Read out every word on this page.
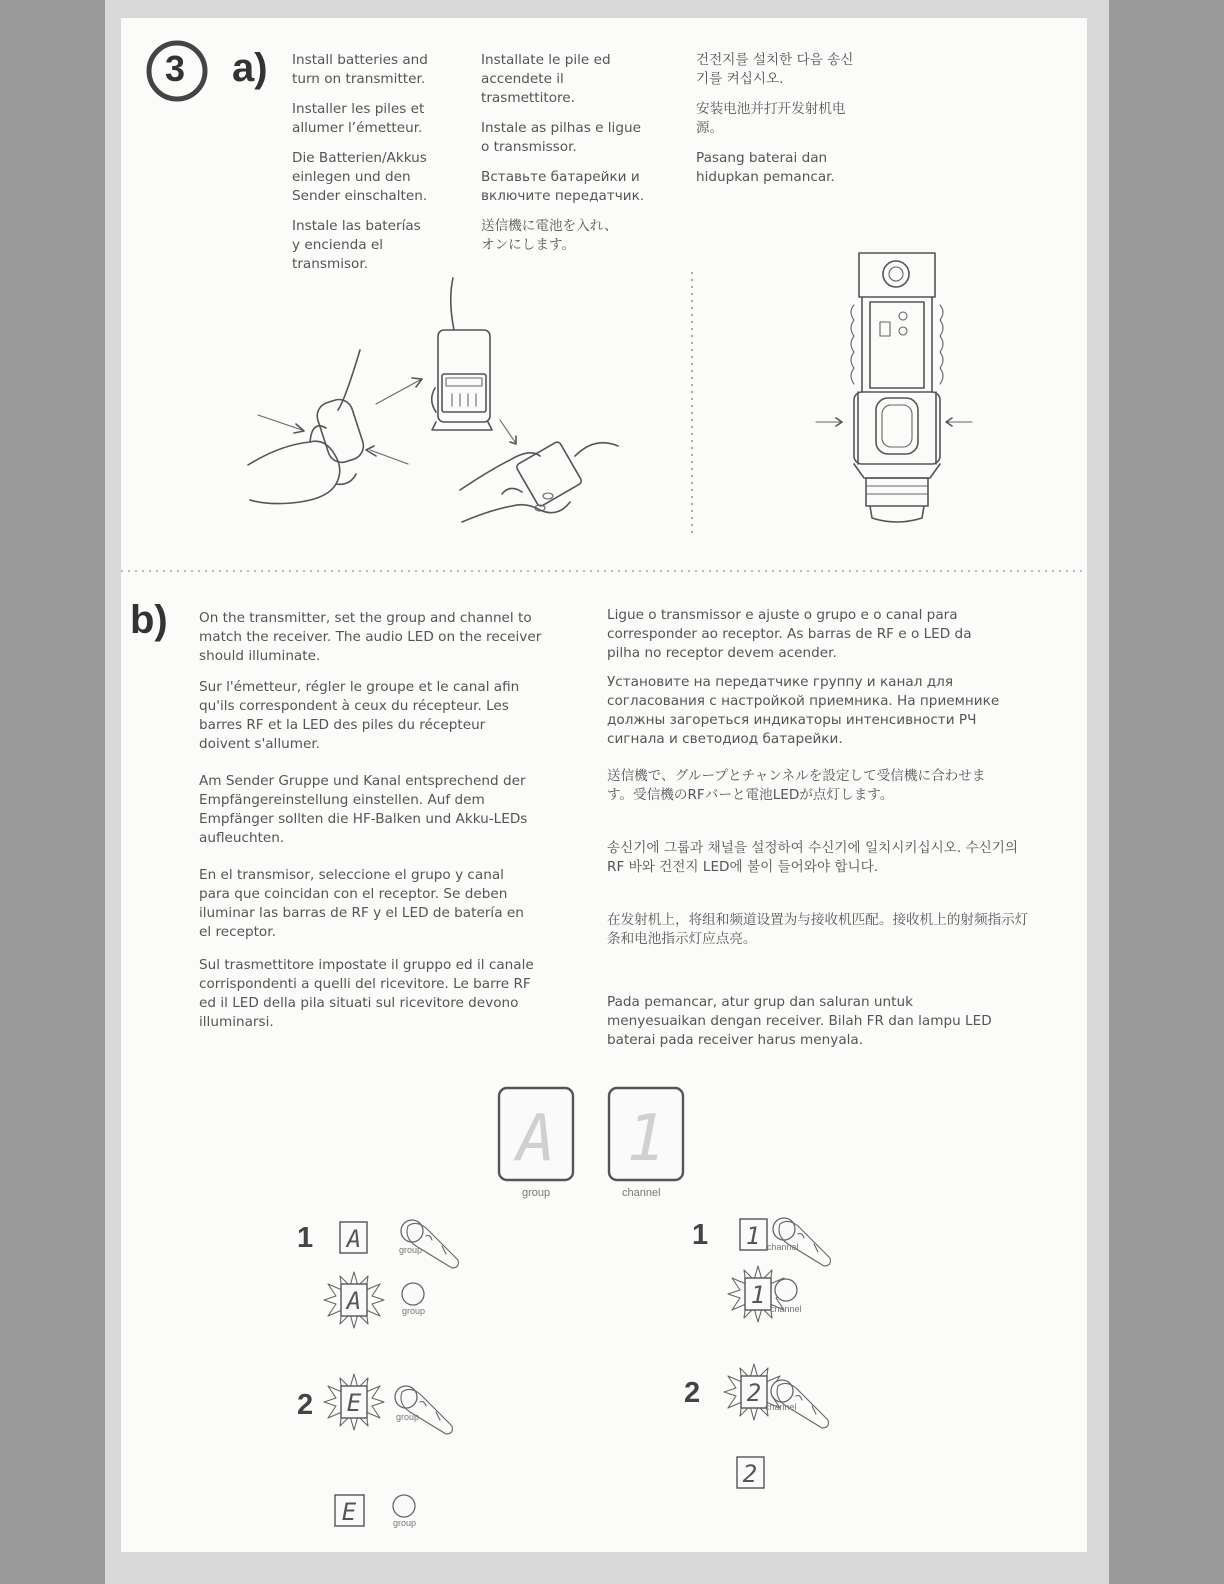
3 a) Install batteries and turn on transmitter.

Installer les piles et allumer l’émetteur.

Die Batterien/Akkus einlegen und den Sender einschalten.

Instale las baterías y encienda el transmisor.

Installate le pile ed accendete il trasmettitore.

Instale as pilhas e ligue o transmissor.

Вставьте батарейки и включите передатчик.

送信機に電池を入れ、オンにします。

건전지를 설치한 다음 송신기를 켜십시오.

安装电池并打开发射机电源。

Pasang baterai dan hidupkan pemancar.

b) On the transmitter, set the group and channel to match the receiver. The audio LED on the receiver should illuminate.

Sur l'émetteur, régler le groupe et le canal afin qu'ils correspondent à ceux du récepteur. Les barres RF et la LED des piles du récepteur doivent s'allumer.

Am Sender Gruppe und Kanal entsprechend der Empfängereinstellung einstellen. Auf dem Empfänger sollten die HF-Balken und Akku-LEDs aufleuchten.

En el transmisor, seleccione el grupo y canal para que coincidan con el receptor. Se deben iluminar las barras de RF y el LED de batería en el receptor.

Sul trasmettitore impostate il gruppo ed il canale corrispondenti a quelli del ricevitore. Le barre RF ed il LED della pila situati sul ricevitore devono illuminarsi.

Ligue o transmissor e ajuste o grupo e o canal para corresponder ao receptor. As barras de RF e o LED da pilha no receptor devem acender.

Установите на передатчике группу и канал для согласования с настройкой приемника. На приемнике должны загореться индикаторы интенсивности РЧ сигнала и светодиод батарейки.

送信機で、グループとチャンネルを設定して受信機に合わせます。受信機のRFバーと電池LEDが点灯します。

송신기에 그룹과 채널을 설정하여 수신기에 일치시키십시오. 수신기의 RF 바와 건전지 LED에 불이 들어와야 합니다.

在发射机上，将组和频道设置为与接收机匹配。接收机上的射频指示灯条和电池指示灯应点亮。

Pada pemancar, atur grup dan saluran untuk menyesuaikan dengan receiver. Bilah FR dan lampu LED baterai pada receiver harus menyala.

A 1
group	channel
1 A	group
A	group
2 E	group
E	group
1 1 channel
1 channel
2 2 channel
2
